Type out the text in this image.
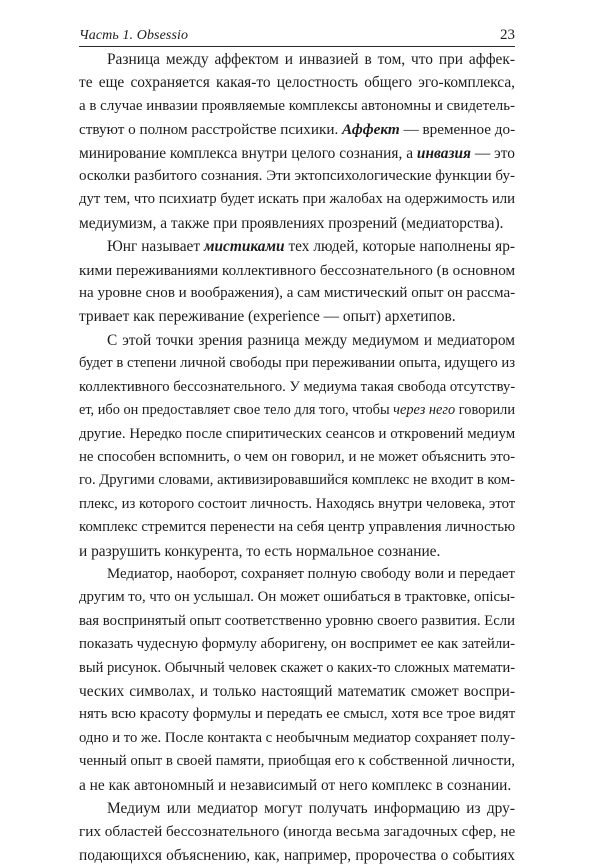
Часть 1. Obsessio	23
Разница между аффектом и инвазией в том, что при аффек-
те еще сохраняется какая-то целостность общего эго-комплекса,
а в случае инвазии проявляемые комплексы автономны и свидетель-
ствуют о полном расстройстве психики. Аффект — временное до-
минирование комплекса внутри целого сознания, а инвазия — это
осколки разбитого сознания. Эти эктопсихологические функции бу-
дут тем, что психиатр будет искать при жалобах на одержимость или
медиумизм, а также при проявлениях прозрений (медиаторства).
Юнг называет мистиками тех людей, которые наполнены яр-
кими переживаниями коллективного бессознательного (в основном
на уровне снов и воображения), а сам мистический опыт он рассма-
тривает как переживание (experience — опыт) архетипов.
С этой точки зрения разница между медиумом и медиатором
будет в степени личной свободы при переживании опыта, идущего из
коллективного бессознательного. У медиума такая свобода отсутству-
ет, ибо он предоставляет свое тело для того, чтобы через него говорили
другие. Нередко после спиритических сеансов и откровений медиум
не способен вспомнить, о чем он говорил, и не может объяснить это-
го. Другими словами, активизировавшийся комплекс не входит в ком-
плекс, из которого состоит личность. Находясь внутри человека, этот
комплекс стремится перенести на себя центр управления личностью
и разрушить конкурента, то есть нормальное сознание.
Медиатор, наоборот, сохраняет полную свободу воли и передает
другим то, что он услышал. Он может ошибаться в трактовке, опісы-
вая воспринятый опыт соответственно уровню своего развития. Если
показать чудесную формулу аборигену, он воспримет ее как затейли-
вый рисунок. Обычный человек скажет о каких-то сложных математи-
ческих символах, и только настоящий математик сможет воспри-
нять всю красоту формулы и передать ее смысл, хотя все трое видят
одно и то же. После контакта с необычным медиатор сохраняет полу-
ченный опыт в своей памяти, приобщая его к собственной личности,
а не как автономный и независимый от него комплекс в сознании.
Медиум или медиатор могут получать информацию из дру-
гих областей бессознательного (иногда весьма загадочных сфер, не
подающихся объяснению, как, например, пророчества о событиях
